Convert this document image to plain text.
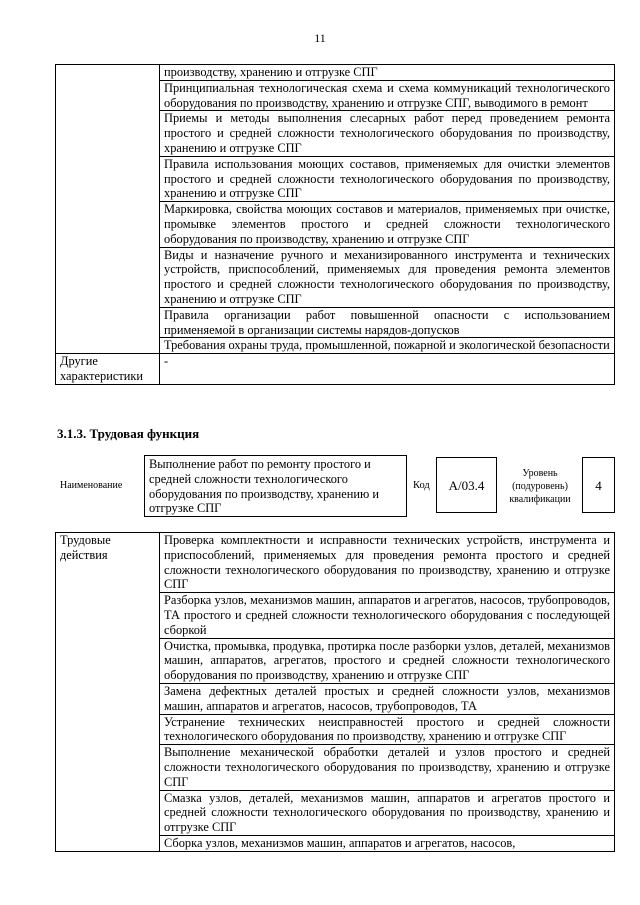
11
	производству, хранению и отгрузке СПГ
	Принципиальная технологическая схема и схема коммуникаций технологического оборудования по производству, хранению и отгрузке СПГ, выводимого в ремонт
	Приемы и методы выполнения слесарных работ перед проведением ремонта простого и средней сложности технологического оборудования по производству, хранению и отгрузке СПГ
	Правила использования моющих составов, применяемых для очистки элементов простого и средней сложности технологического оборудования по производству, хранению и отгрузке СПГ
	Маркировка, свойства моющих составов и материалов, применяемых при очистке, промывке элементов простого и средней сложности технологического оборудования по производству, хранению и отгрузке СПГ
	Виды и назначение ручного и механизированного инструмента и технических устройств, приспособлений, применяемых для проведения ремонта элементов простого и средней сложности технологического оборудования по производству, хранению и отгрузке СПГ
	Правила организации работ повышенной опасности с использованием применяемой в организации системы нарядов-допусков
	Требования охраны труда, промышленной, пожарной и экологической безопасности
Другие характеристики	-
3.1.3. Трудовая функция
Наименование
Выполнение работ по ремонту простого и средней сложности технологического оборудования по производству, хранению и отгрузке СПГ
Код	A/03.4
Уровень (подуровень) квалификации
4
Трудовые действия	Проверка комплектности и исправности технических устройств, инструмента и приспособлений, применяемых для проведения ремонта простого и средней сложности технологического оборудования по производству, хранению и отгрузке СПГ
Разборка узлов, механизмов машин, аппаратов и агрегатов, насосов, трубопроводов, ТА простого и средней сложности технологического оборудования с последующей сборкой
Очистка, промывка, продувка, протирка после разборки узлов, деталей, механизмов машин, аппаратов, агрегатов, простого и средней сложности технологического оборудования по производству, хранению и отгрузке СПГ
Замена дефектных деталей простых и средней сложности узлов, механизмов машин, аппаратов и агрегатов, насосов, трубопроводов, ТА
Устранение технических неисправностей простого и средней сложности технологического оборудования по производству, хранению и отгрузке СПГ
Выполнение механической обработки деталей и узлов простого и средней сложности технологического оборудования по производству, хранению и отгрузке СПГ
Смазка узлов, деталей, механизмов машин, аппаратов и агрегатов простого и средней сложности технологического оборудования по производству, хранению и отгрузке СПГ
Сборка узлов, механизмов машин, аппаратов и агрегатов, насосов,
